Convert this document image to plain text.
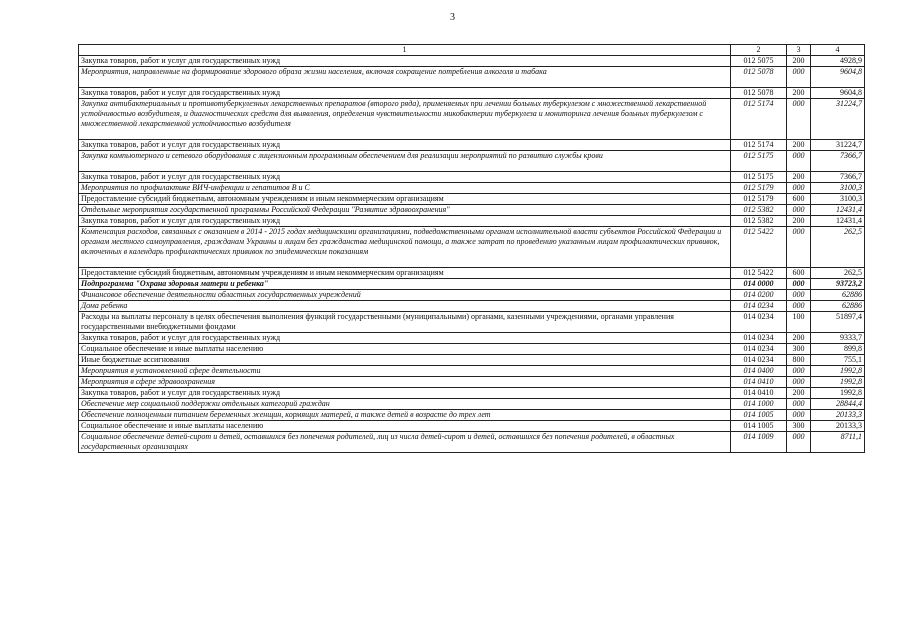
3
1	2	3	4
Закупка товаров, работ и услуг для государственных нужд	012 5075	200	4928,9
Мероприятия, направленные на формирование здорового образа жизни населения, включая сокращение потребления алкоголя и табака	012 5078	000	9604,8
Закупка товаров, работ и услуг для государственных нужд	012 5078	200	9604,8
Закупка антибактериальных и противотуберкулезных лекарственных препаратов (второго ряда), применяемых при лечении больных туберкулезом с множественной лекарственной устойчивостью возбудителя, и диагностических средств для выявления, определения чувствительности микобактерии туберкулеза и мониторинга лечения больных туберкулезом с множественной лекарственной устойчивостью возбудителя	012 5174	000	31224,7
Закупка товаров, работ и услуг для государственных нужд	012 5174	200	31224,7
Закупка компьютерного и сетевого оборудования с лицензионным программным обеспечением для реализации мероприятий по развитию службы крови	012 5175	000	7366,7
Закупка товаров, работ и услуг для государственных нужд	012 5175	200	7366,7
Мероприятия по профилактике ВИЧ-инфекции и гепатитов В и С	012 5179	000	3100,3
Предоставление субсидий бюджетным, автономным учреждениям и иным некоммерческим организациям	012 5179	600	3100,3
Отдельные мероприятия государственной программы Российской Федерации "Развитие здравоохранения"	012 5382	000	12431,4
Закупка товаров, работ и услуг для государственных нужд	012 5382	200	12431,4
Компенсация расходов, связанных с оказанием в 2014 - 2015 годах медицинскими организациями, подведомственными органам исполнительной власти субъектов Российской Федерации и органам местного самоуправления, гражданам Украины и лицам без гражданства медицинской помощи, а также затрат по проведению указанным лицам профилактических прививок, включенных в календарь профилактических прививок по эпидемическим показаниям	012 5422	000	262,5
Предоставление субсидий бюджетным, автономным учреждениям и иным некоммерческим организациям	012 5422	600	262,5
Подпрограмма "Охрана здоровья матери и ребенка"	014 0000	000	93723,2
Финансовое обеспечение деятельности областных государственных учреждений	014 0200	000	62886
Дома ребенка	014 0234	000	62886
Расходы на выплаты персоналу в целях обеспечения выполнения функций государственными (муниципальными) органами, казенными учреждениями, органами управления государственными внебюджетными фондами	014 0234	100	51897,4
Закупка товаров, работ и услуг для государственных нужд	014 0234	200	9333,7
Социальное обеспечение и иные выплаты населению	014 0234	300	899,8
Иные бюджетные ассигнования	014 0234	800	755,1
Мероприятия в установленной сфере деятельности	014 0400	000	1992,8
Мероприятия в сфере здравоохранения	014 0410	000	1992,8
Закупка товаров, работ и услуг для государственных нужд	014 0410	200	1992,8
Обеспечение мер социальной поддержки отдельных категорий граждан	014 1000	000	28844,4
Обеспечение полноценным питанием беременных женщин, кормящих матерей, а также детей в возрасте до трех лет	014 1005	000	20133,3
Социальное обеспечение и иные выплаты населению	014 1005	300	20133,3
Социальное обеспечение детей-сирот и детей, оставшихся без попечения родителей, лиц из числа детей-сирот и детей, оставшихся без попечения родителей, в областных государственных организациях	014 1009	000	8711,1
